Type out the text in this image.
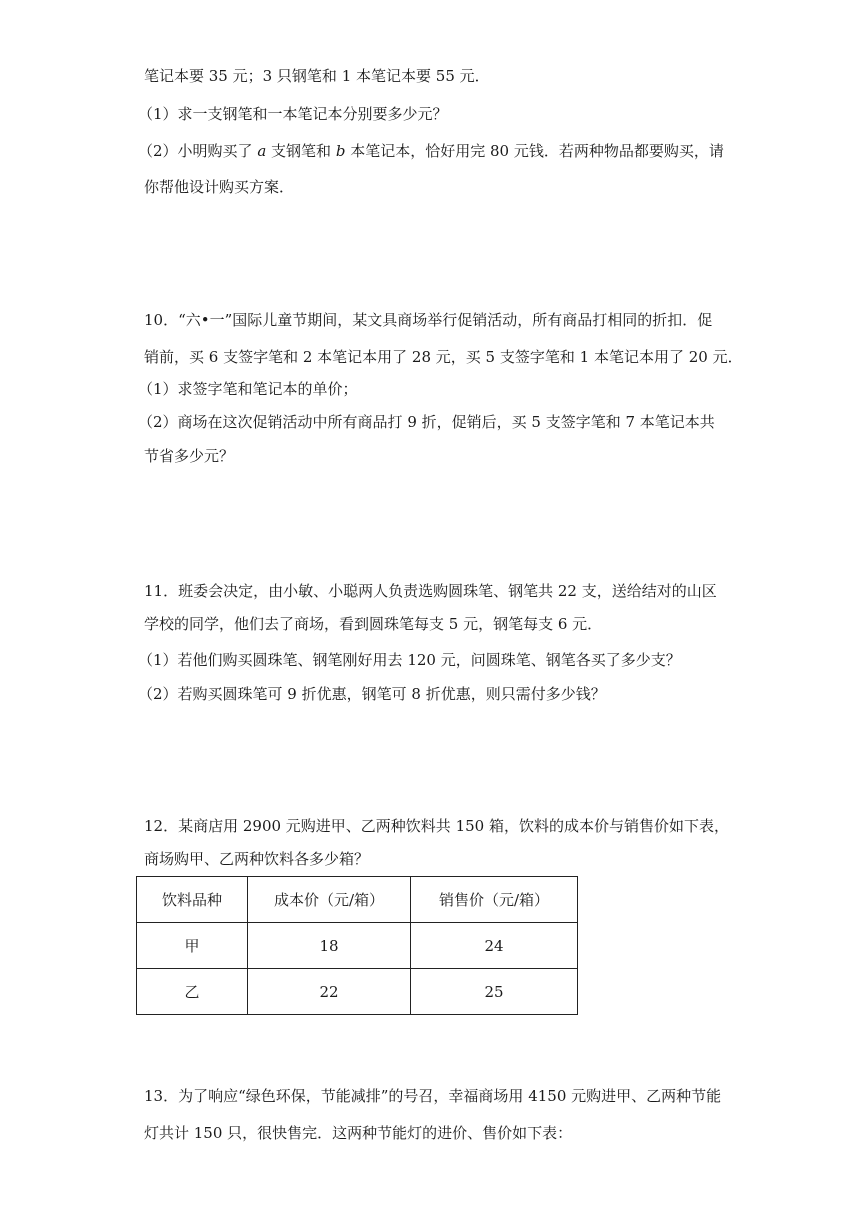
笔记本要 35 元；3 只钢笔和 1 本笔记本要 55 元．
（1）求一支钢笔和一本笔记本分别要多少元？
（2）小明购买了 a 支钢笔和 b 本笔记本，恰好用完 80 元钱．若两种物品都要购买，请
你帮他设计购买方案．
10．“六•一”国际儿童节期间，某文具商场举行促销活动，所有商品打相同的折扣．促
销前，买 6 支签字笔和 2 本笔记本用了 28 元，买 5 支签字笔和 1 本笔记本用了 20 元．
（1）求签字笔和笔记本的单价；
（2）商场在这次促销活动中所有商品打 9 折，促销后，买 5 支签字笔和 7 本笔记本共
节省多少元？
11．班委会决定，由小敏、小聪两人负责选购圆珠笔、钢笔共 22 支，送给结对的山区
学校的同学，他们去了商场，看到圆珠笔每支 5 元，钢笔每支 6 元．
（1）若他们购买圆珠笔、钢笔刚好用去 120 元，问圆珠笔、钢笔各买了多少支？
（2）若购买圆珠笔可 9 折优惠，钢笔可 8 折优惠，则只需付多少钱？
12．某商店用 2900 元购进甲、乙两种饮料共 150 箱，饮料的成本价与销售价如下表，
商场购甲、乙两种饮料各多少箱？
饮料品种	成本价（元/箱）	销售价（元/箱）
甲	18	24
乙	22	25
13．为了响应“绿色环保，节能减排”的号召，幸福商场用 4150 元购进甲、乙两种节能
灯共计 150 只，很快售完．这两种节能灯的进价、售价如下表：
